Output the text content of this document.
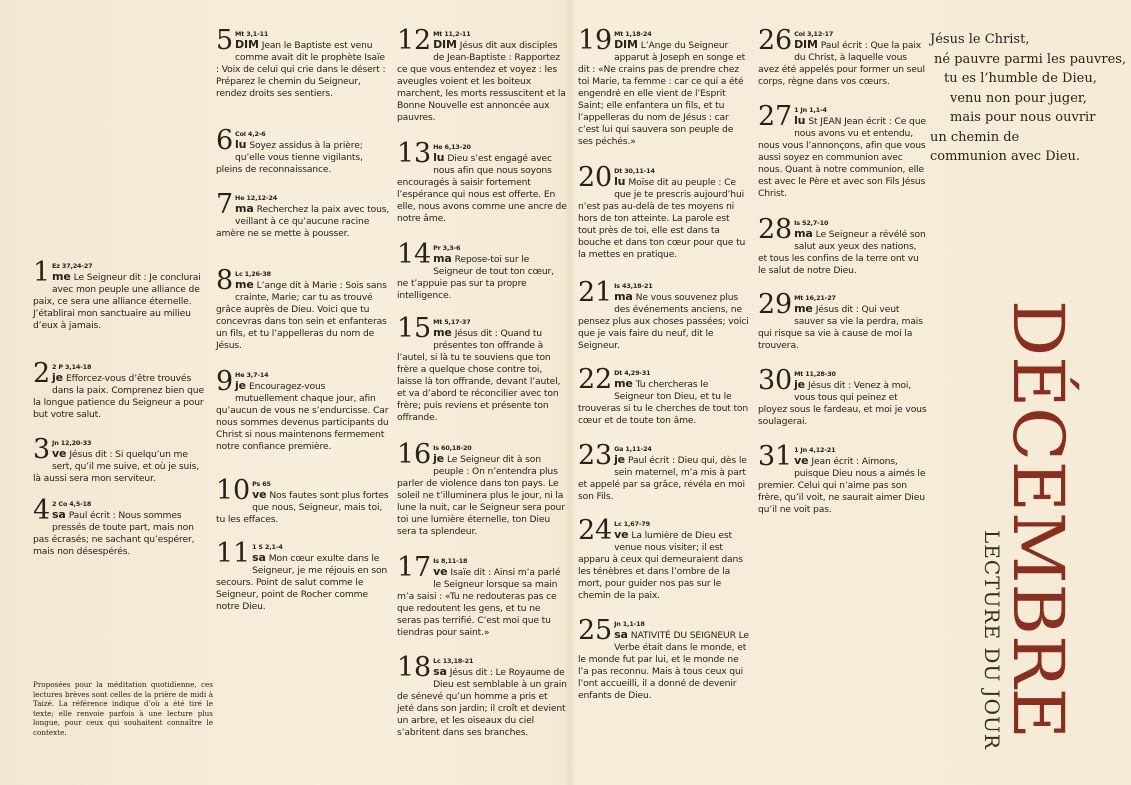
1 Ez 37,24-27
me Le Seigneur dit : Je conclurai avec mon peuple une alliance de paix, ce sera une alliance éternelle. J’établirai mon sanctuaire au milieu d’eux à jamais.
2 2 P 3,14-18
je Efforcez-vous d’être trouvés dans la paix. Comprenez bien que la longue patience du Seigneur a pour but votre salut.
3 Jn 12,20-33
ve Jésus dit : Si quelqu’un me sert, qu’il me suive, et où je suis, là aussi sera mon serviteur.
4 2 Co 4,5-18
sa Paul écrit : Nous sommes pressés de toute part, mais non pas écrasés; ne sachant qu’espérer, mais non désespérés.
Proposées pour la méditation quotidienne, ces lectures brèves sont celles de la prière de midi à Taizé. La référence indique d’où a été tiré le texte; elle renvoie parfois à une lecture plus longue, pour ceux qui souhaitent connaître le contexte.
5 Mt 3,1-11
DIM Jean le Baptiste est venu comme avait dit le prophète Isaïe : Voix de celui qui crie dans le désert : Préparez le chemin du Seigneur, rendez droits ses sentiers.
6 Col 4,2-6
lu Soyez assidus à la prière; qu’elle vous tienne vigilants, pleins de reconnaissance.
7 He 12,12-24
ma Recherchez la paix avec tous, veillant à ce qu’aucune racine amère ne se mette à pousser.
8 Lc 1,26-38
me L’ange dit à Marie : Sois sans crainte, Marie; car tu as trouvé grâce auprès de Dieu. Voici que tu concevras dans ton sein et enfanteras un fils, et tu l’appelleras du nom de Jésus.
9 He 3,7-14
je Encouragez-vous mutuellement chaque jour, afin qu’aucun de vous ne s’endurcisse. Car nous sommes devenus participants du Christ si nous maintenons fermement notre confiance première.
10 Ps 65
ve Nos fautes sont plus fortes que nous, Seigneur, mais toi, tu les effaces.
11 1 S 2,1-4
sa Mon cœur exulte dans le Seigneur, je me réjouis en son secours. Point de salut comme le Seigneur, point de Rocher comme notre Dieu.
12 Mt 11,2-11
DIM Jésus dit aux disciples de Jean-Baptiste : Rapportez ce que vous entendez et voyez : les aveugles voient et les boiteux marchent, les morts ressuscitent et la Bonne Nouvelle est annoncée aux pauvres.
13 He 6,13-20
lu Dieu s’est engagé avec nous afin que nous soyons encouragés à saisir fortement l’espérance qui nous est offerte. En elle, nous avons comme une ancre de notre âme.
14 Pr 3,3-6
ma Repose-toi sur le Seigneur de tout ton cœur, ne t’appuie pas sur ta propre intelligence.
15 Mt 5,17-37
me Jésus dit : Quand tu présentes ton offrande à l’autel, si là tu te souviens que ton frère a quelque chose contre toi, laisse là ton offrande, devant l’autel, et va d’abord te réconcilier avec ton frère; puis reviens et présente ton offrande.
16 Is 60,18-20
je Le Seigneur dit à son peuple : On n’entendra plus parler de violence dans ton pays. Le soleil ne t’illuminera plus le jour, ni la lune la nuit, car le Seigneur sera pour toi une lumière éternelle, ton Dieu sera ta splendeur.
17 Is 8,11-18
ve Isaïe dit : Ainsi m’a parlé le Seigneur lorsque sa main m’a saisi : «Tu ne redouteras pas ce que redoutent les gens, et tu ne seras pas terrifié. C’est moi que tu tiendras pour saint.»
18 Lc 13,18-21
sa Jésus dit : Le Royaume de Dieu est semblable à un grain de sénevé qu’un homme a pris et jeté dans son jardin; il croît et devient un arbre, et les oiseaux du ciel s’abritent dans ses branches.
19 Mt 1,18-24
DIM L’Ange du Seigneur apparut à Joseph en songe et dit : «Ne crains pas de prendre chez toi Marie, ta femme : car ce qui a été engendré en elle vient de l’Esprit Saint; elle enfantera un fils, et tu l’appelleras du nom de Jésus : car c’est lui qui sauvera son peuple de ses péchés.»
20 Dt 30,11-14
lu Moïse dit au peuple : Ce que je te prescris aujourd’hui n’est pas au-delà de tes moyens ni hors de ton atteinte. La parole est tout près de toi, elle est dans ta bouche et dans ton cœur pour que tu la mettes en pratique.
21 Is 43,18-21
ma Ne vous souvenez plus des événements anciens, ne pensez plus aux choses passées; voici que je vais faire du neuf, dit le Seigneur.
22 Dt 4,29-31
me Tu chercheras le Seigneur ton Dieu, et tu le trouveras si tu le cherches de tout ton cœur et de toute ton âme.
23 Ga 1,11-24
je Paul écrit : Dieu qui, dès le sein maternel, m’a mis à part et appelé par sa grâce, révéla en moi son Fils.
24 Lc 1,67-79
ve La lumière de Dieu est venue nous visiter; il est apparu à ceux qui demeuraient dans les ténèbres et dans l’ombre de la mort, pour guider nos pas sur le chemin de la paix.
25 Jn 1,1-18
sa NATIVITÉ DU SEIGNEUR Le Verbe était dans le monde, et le monde fut par lui, et le monde ne l’a pas reconnu. Mais à tous ceux qui l’ont accueilli, il a donné de devenir enfants de Dieu.
26 Col 3,12-17
DIM Paul écrit : Que la paix du Christ, à laquelle vous avez été appelés pour former un seul corps, règne dans vos cœurs.
27 1 Jn 1,1-4
lu St JEAN Jean écrit : Ce que nous avons vu et entendu, nous vous l’annonçons, afin que vous aussi soyez en communion avec nous. Quant à notre communion, elle est avec le Père et avec son Fils Jésus Christ.
28 Is 52,7-10
ma Le Seigneur a révélé son salut aux yeux des nations, et tous les confins de la terre ont vu le salut de notre Dieu.
29 Mt 16,21-27
me Jésus dit : Qui veut sauver sa vie la perdra, mais qui risque sa vie à cause de moi la trouvera.
30 Mt 11,28-30
je Jésus dit : Venez à moi, vous tous qui peinez et ployez sous le fardeau, et moi je vous soulagerai.
31 1 Jn 4,12-21
ve Jean écrit : Aimons, puisque Dieu nous a aimés le premier. Celui qui n’aime pas son frère, qu’il voit, ne saurait aimer Dieu qu’il ne voit pas.
Jésus le Christ,
né pauvre parmi les pauvres,
tu es l’humble de Dieu,
venu non pour juger,
mais pour nous ouvrir
un chemin de
communion avec Dieu.
DÉCEMBRE
LECTURE DU JOUR
